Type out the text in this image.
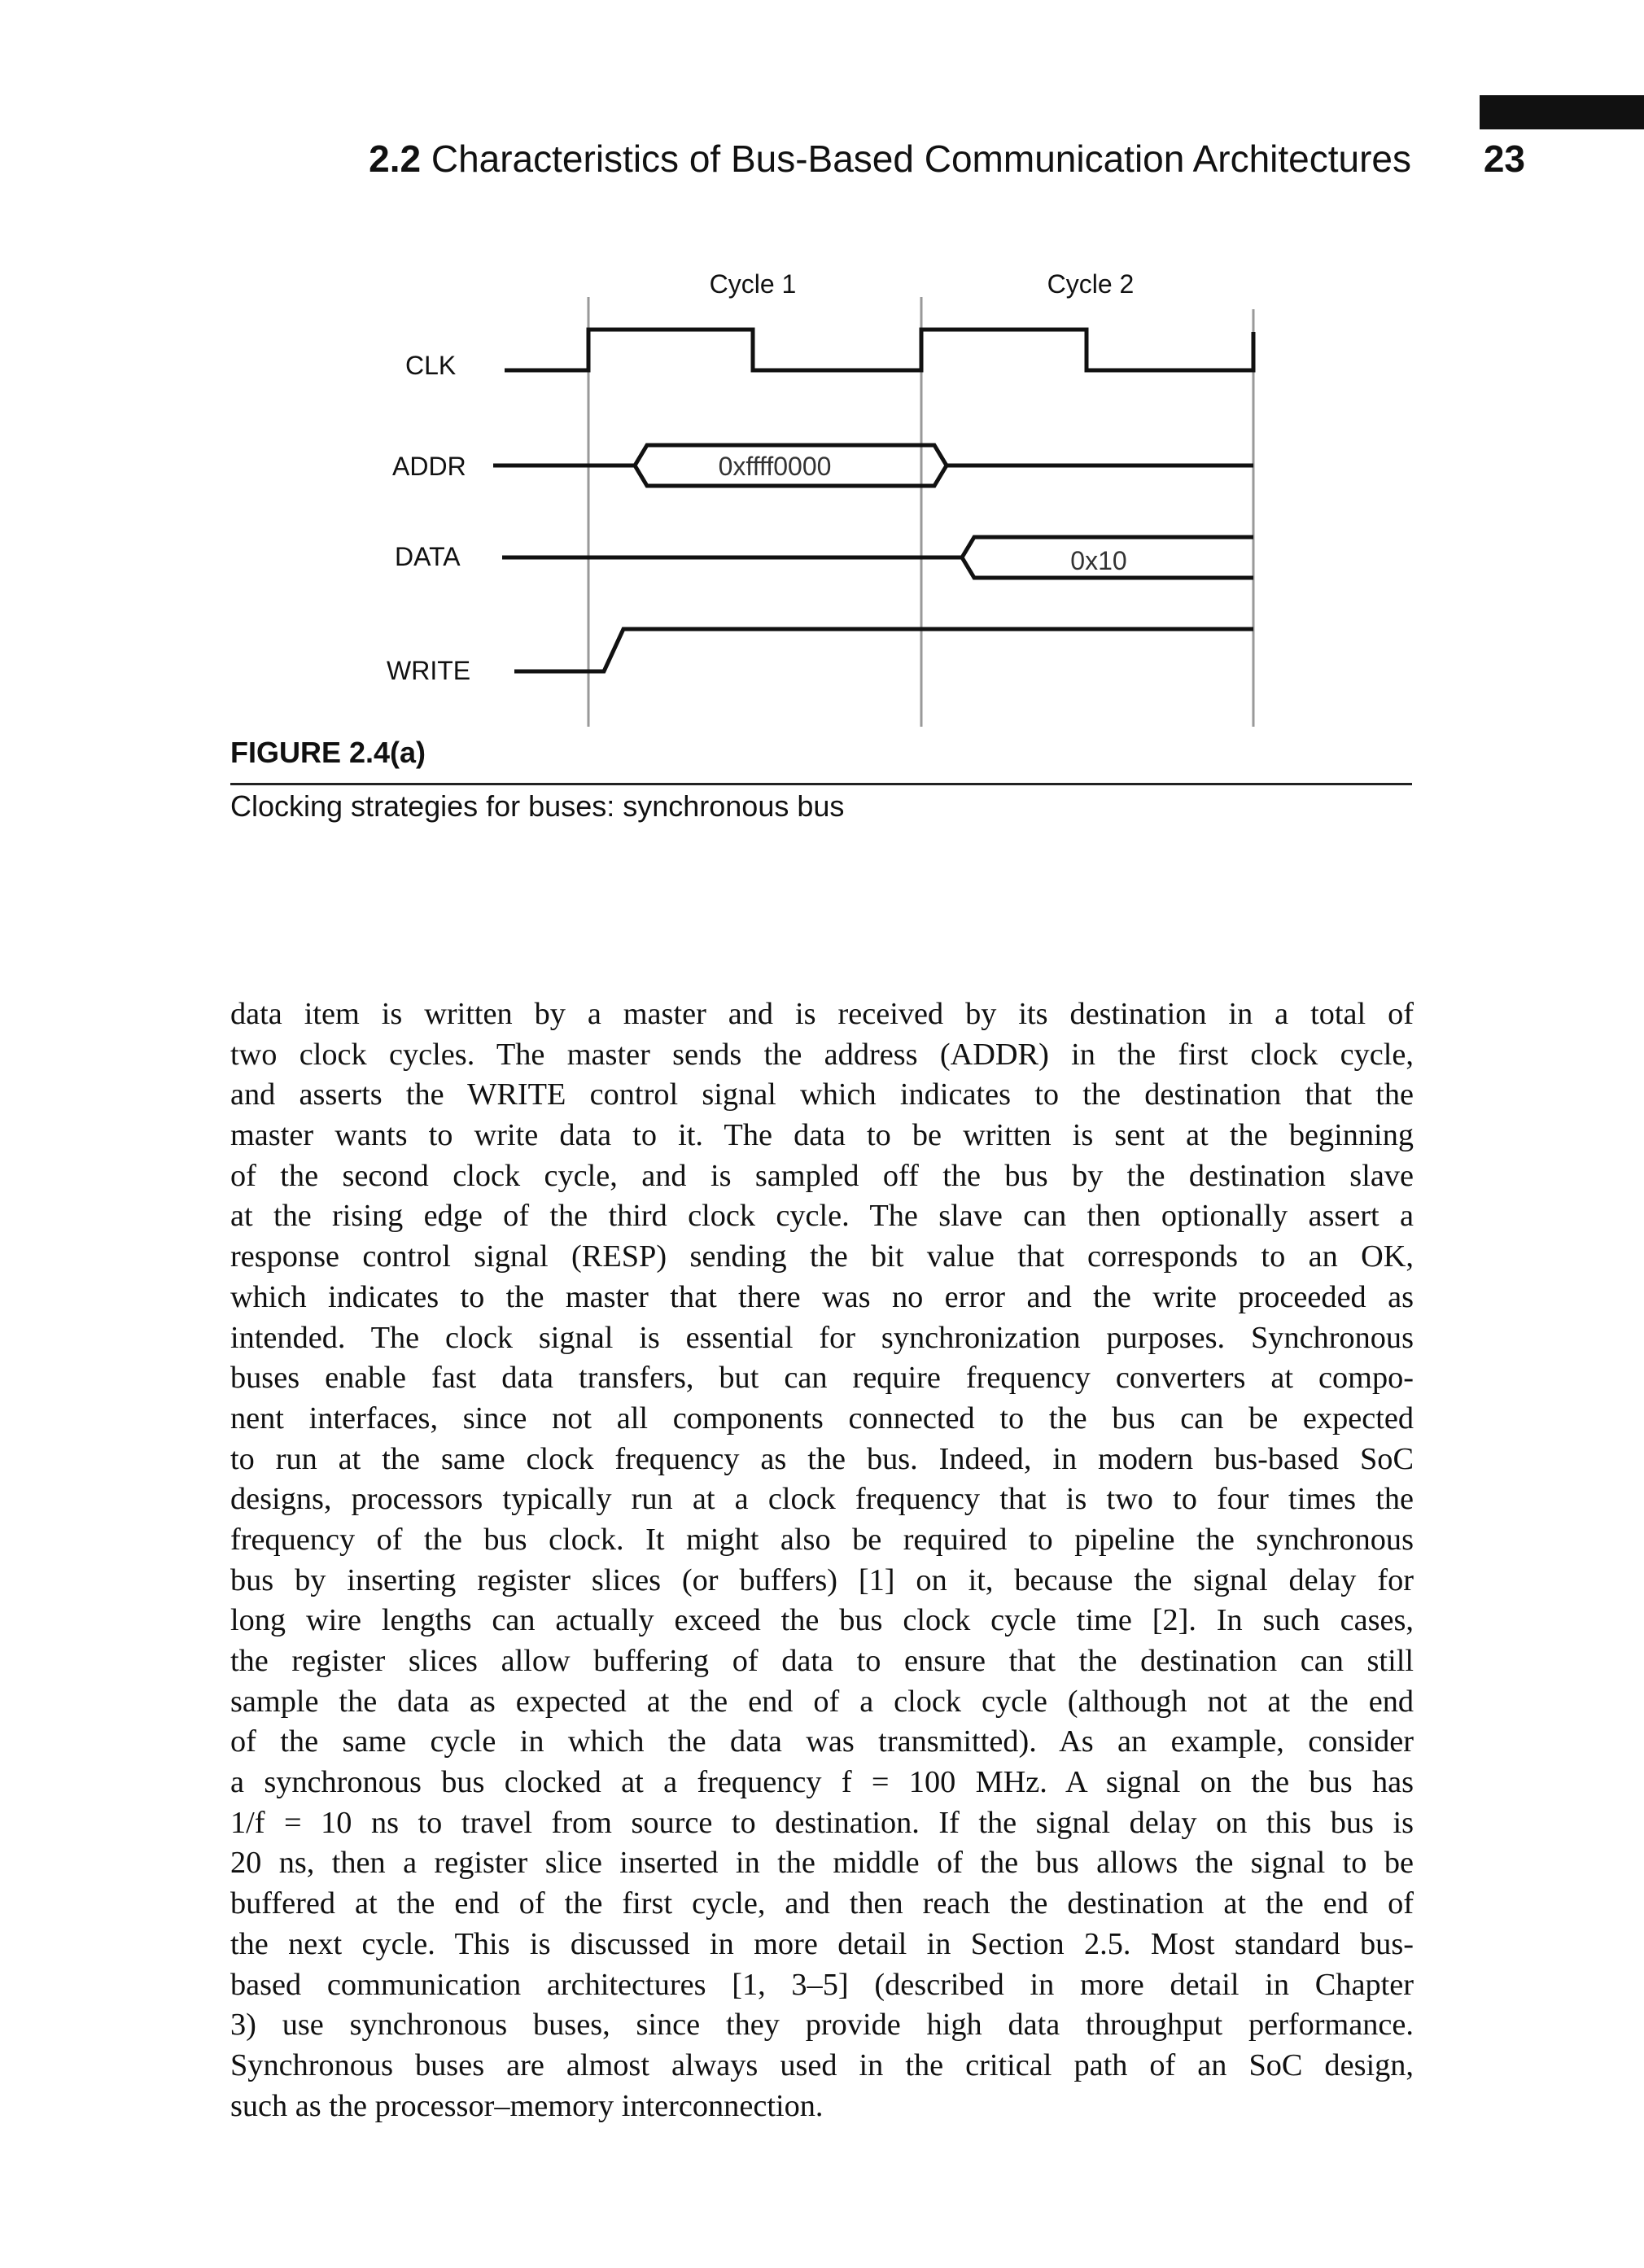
2.2 Characteristics of Bus-Based Communication Architectures 23
Cycle 1	Cycle 2
CLK
ADDR
DATA
WRITE
0xffff0000
0x10
FIGURE 2.4(a)
Clocking strategies for buses: synchronous bus
data item is written by a master and is received by its destination in a total of
two clock cycles. The master sends the address (ADDR) in the first clock cycle,
and asserts the WRITE control signal which indicates to the destination that the
master wants to write data to it. The data to be written is sent at the beginning
of the second clock cycle, and is sampled off the bus by the destination slave
at the rising edge of the third clock cycle. The slave can then optionally assert a
response control signal (RESP) sending the bit value that corresponds to an OK,
which indicates to the master that there was no error and the write proceeded as
intended. The clock signal is essential for synchronization purposes. Synchronous
buses enable fast data transfers, but can require frequency converters at compo-
nent interfaces, since not all components connected to the bus can be expected
to run at the same clock frequency as the bus. Indeed, in modern bus-based SoC
designs, processors typically run at a clock frequency that is two to four times the
frequency of the bus clock. It might also be required to pipeline the synchronous
bus by inserting register slices (or buffers) [1] on it, because the signal delay for
long wire lengths can actually exceed the bus clock cycle time [2]. In such cases,
the register slices allow buffering of data to ensure that the destination can still
sample the data as expected at the end of a clock cycle (although not at the end
of the same cycle in which the data was transmitted). As an example, consider
a synchronous bus clocked at a frequency f = 100 MHz. A signal on the bus has
1/f = 10 ns to travel from source to destination. If the signal delay on this bus is
20 ns, then a register slice inserted in the middle of the bus allows the signal to be
buffered at the end of the first cycle, and then reach the destination at the end of
the next cycle. This is discussed in more detail in Section 2.5. Most standard bus-
based communication architectures [1, 3–5] (described in more detail in Chapter
3) use synchronous buses, since they provide high data throughput performance.
Synchronous buses are almost always used in the critical path of an SoC design,
such as the processor–memory interconnection.
